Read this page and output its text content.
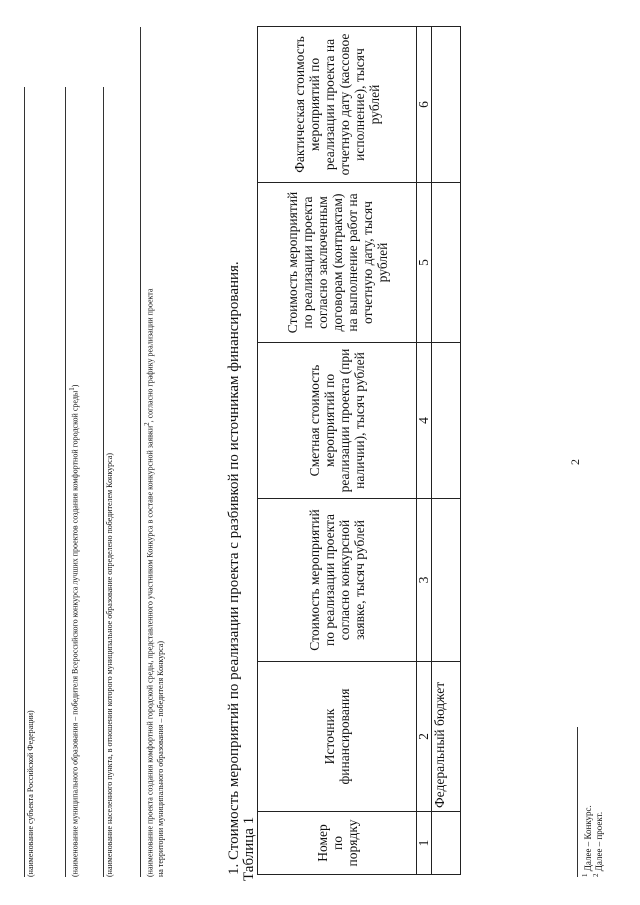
2
(наименование субъекта Российской Федерации)	(наименование муниципального образования – победителя Всероссийского конкурса лучших проектов создания комфортной городской среды$^1$)
(наименование населенного пункта, в отношении которого муниципальное образование определено победителем Конкурса)	(наименование проекта создания комфортной городской среды, представленного участником Конкурса в составе конкурсной заявки$^2$, согласно графику реализации проекта
на территории муниципального образования – победителя Конкурса)	1. Стоимость мероприятий по реализации проекта с разбивкой по источникам финансирования. Таблица 1	Номер по порядку	Источник финансирования	Стоимость мероприятий по реализации проекта согласно конкурсной заявке, тысяч рублей	Сметная стоимость мероприятий по реализации проекта (при наличии), тысяч рублей	Стоимость мероприятий по реализации проекта согласно заключенным договорам (контрактам) на выполнение работ на отчетную дату, тысяч рублей	Фактическая стоимость мероприятий по реализации проекта на отчетную дату (кассовое исполнение), тысяч рублей
1	2	3	4	5	6
	Федеральный бюджет				
$^1$ Далее – Конкурс.
$^2$ Далее – проект.
